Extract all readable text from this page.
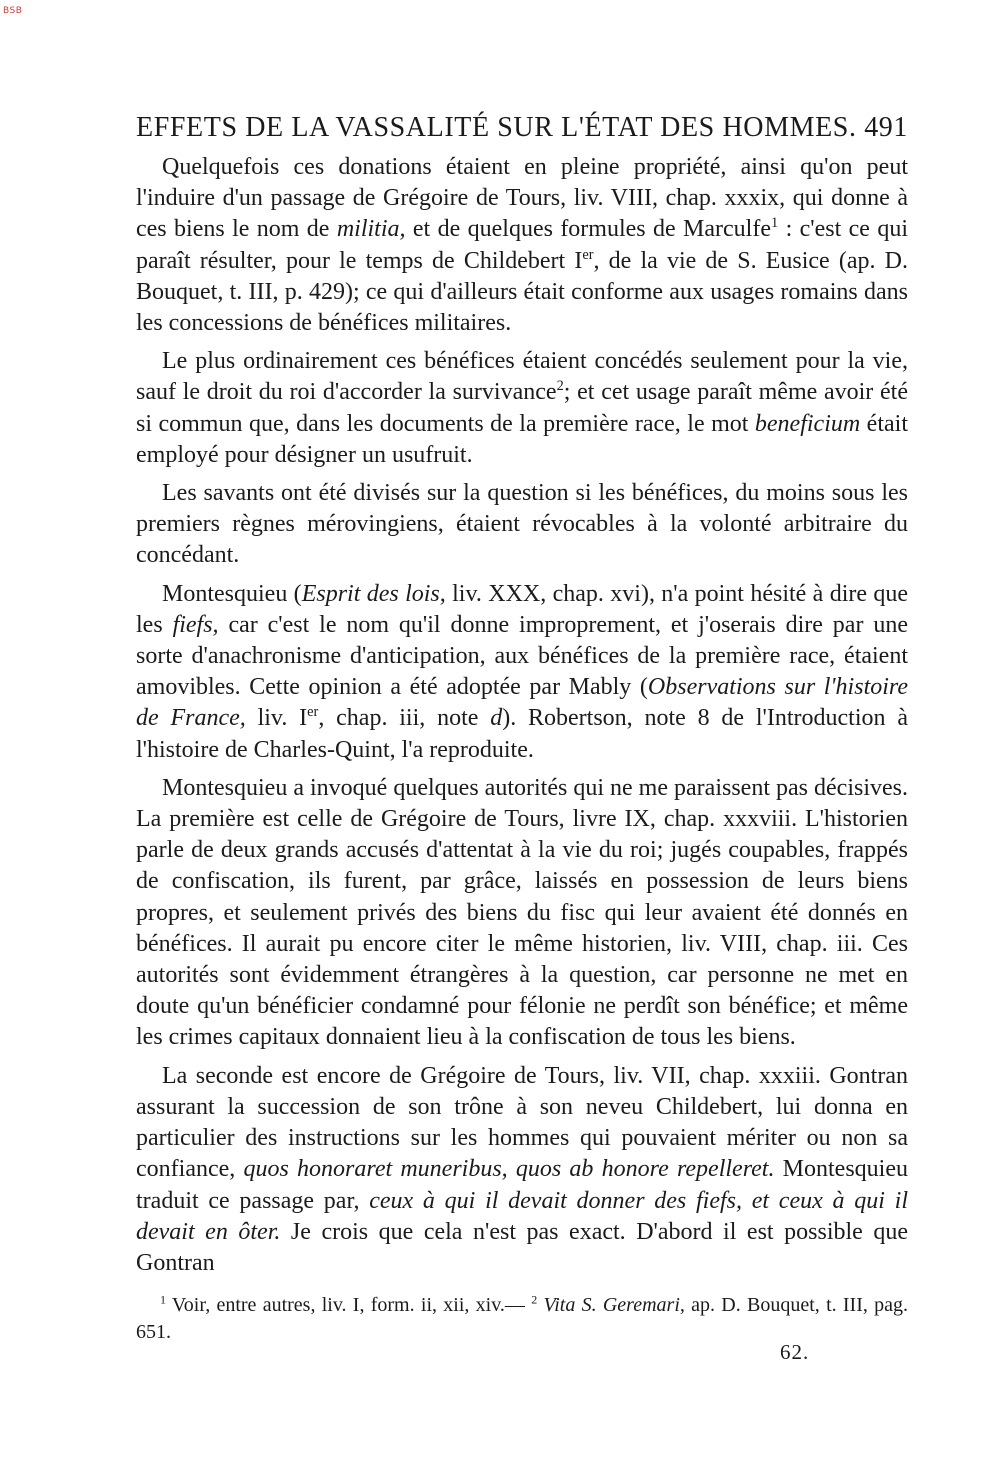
BSB
EFFETS DE LA VASSALITÉ SUR L'ÉTAT DES HOMMES. 491

Quelquefois ces donations étaient en pleine propriété, ainsi qu'on peut l'induire d'un passage de Grégoire de Tours, liv. VIII, chap. xxxix, qui donne à ces biens le nom de militia, et de quelques formules de Marculfe$^1$ : c'est ce qui paraît résulter, pour le temps de Childebert Ier, de la vie de S. Eusice (ap. D. Bouquet, t. III, p. 429); ce qui d'ailleurs était conforme aux usages romains dans les concessions de bénéfices militaires.

Le plus ordinairement ces bénéfices étaient concédés seulement pour la vie, sauf le droit du roi d'accorder la survivance$^2$; et cet usage paraît même avoir été si commun que, dans les documents de la première race, le mot beneficium était employé pour désigner un usufruit.

Les savants ont été divisés sur la question si les bénéfices, du moins sous les premiers règnes mérovingiens, étaient révocables à la volonté arbitraire du concédant.

Montesquieu (Esprit des lois, liv. XXX, chap. xvi), n'a point hésité à dire que les fiefs, car c'est le nom qu'il donne improprement, et j'oserais dire par une sorte d'anachronisme d'anticipation, aux bénéfices de la première race, étaient amovibles. Cette opinion a été adoptée par Mably (Observations sur l'histoire de France, liv. Ier, chap. iii, note d). Robertson, note 8 de l'Introduction à l'histoire de Charles-Quint, l'a reproduite.

Montesquieu a invoqué quelques autorités qui ne me paraissent pas décisives. La première est celle de Grégoire de Tours, livre IX, chap. xxxviii. L'historien parle de deux grands accusés d'attentat à la vie du roi; jugés coupables, frappés de confiscation, ils furent, par grâce, laissés en possession de leurs biens propres, et seulement privés des biens du fisc qui leur avaient été donnés en bénéfices. Il aurait pu encore citer le même historien, liv. VIII, chap. iii. Ces autorités sont évidemment étrangères à la question, car personne ne met en doute qu'un bénéficier condamné pour félonie ne perdît son bénéfice; et même les crimes capitaux donnaient lieu à la confiscation de tous les biens.

La seconde est encore de Grégoire de Tours, liv. VII, chap. xxxiii. Gontran assurant la succession de son trône à son neveu Childebert, lui donna en particulier des instructions sur les hommes qui pouvaient mériter ou non sa confiance, quos honoraret muneribus, quos ab honore repelleret. Montesquieu traduit ce passage par, ceux à qui il devait donner des fiefs, et ceux à qui il devait en ôter. Je crois que cela n'est pas exact. D'abord il est possible que Gontran

$^1$ Voir, entre autres, liv. I, form. ii, xii, xiv.— $^2$ Vita S. Geremari, ap. D. Bouquet, t. III, pag. 651.

62.
